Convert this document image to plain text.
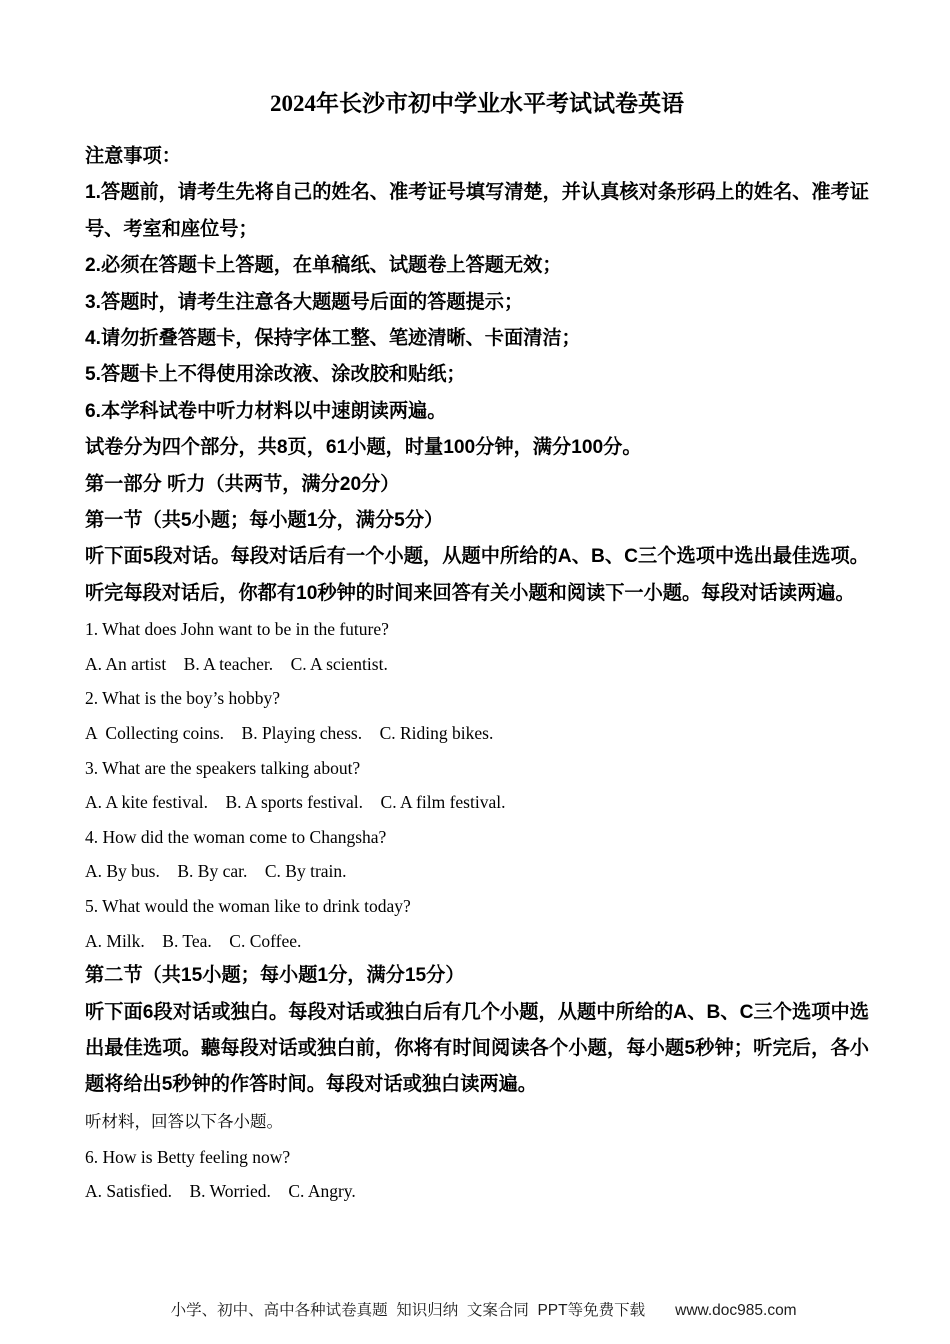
2024年长沙市初中学业水平考试试卷英语
注意事项：
1.答题前，请考生先将自己的姓名、准考证号填写清楚，并认真核对条形码上的姓名、准考证号、考室和座位号；
2.必须在答题卡上答题，在单稿纸、试题卷上答题无效；
3.答题时，请考生注意各大题题号后面的答题提示；
4.请勿折叠答题卡，保持字体工整、笔迹清晰、卡面清洁；
5.答题卡上不得使用涂改液、涂改胶和贴纸；
6.本学科试卷中听力材料以中速朗读两遍。
试卷分为四个部分，共8页，61小题，时量100分钟，满分100分。
第一部分 听力（共两节，满分20分）
第一节（共5小题；每小题1分，满分5分）
听下面5段对话。每段对话后有一个小题，从题中所给的A、B、C三个选项中选出最佳选项。听完每段对话后，你都有10秒钟的时间来回答有关小题和阅读下一小题。每段对话读两遍。
1. What does John want to be in the future?
A. An artist    B. A teacher.    C. A scientist.
2. What is the boy’s hobby?
A  Collecting coins.    B. Playing chess.    C. Riding bikes.
3. What are the speakers talking about?
A. A kite festival.    B. A sports festival.    C. A film festival.
4. How did the woman come to Changsha?
A. By bus.    B. By car.    C. By train.
5. What would the woman like to drink today?
A. Milk.    B. Tea.    C. Coffee.
第二节（共15小题；每小题1分，满分15分）
听下面6段对话或独白。每段对话或独白后有几个小题，从题中所给的A、B、C三个选项中选出最佳选项。聽每段对话或独白前，你将有时间阅读各个小题，每小题5秒钟；听完后，各小题将给出5秒钟的作答时间。每段对话或独白读两遍。
听材料，回答以下各小题。
6. How is Betty feeling now?
A. Satisfied.    B. Worried.    C. Angry.

小学、初中、高中各种试卷真题  知识归纳  文案合同  PPT等免费下载 www.doc985.com
